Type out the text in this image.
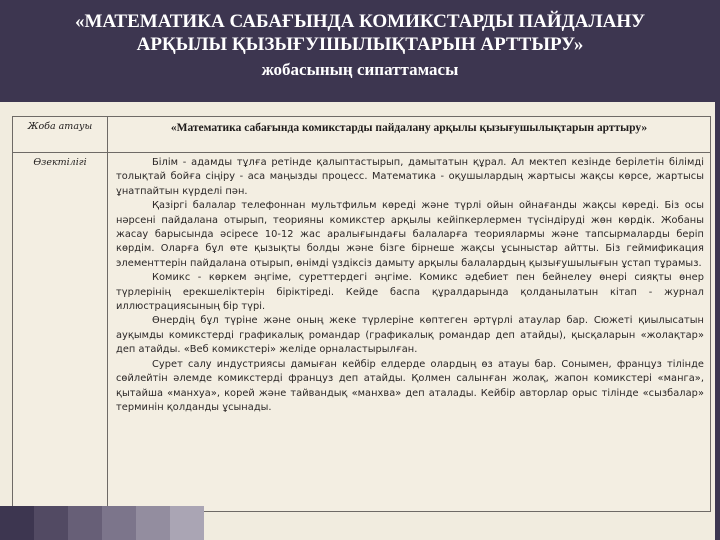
«МАТЕМАТИКА САБАҒЫНДА КОМИКСТАРДЫ ПАЙДАЛАНУ
АРҚЫЛЫ ҚЫЗЫҒУШЫЛЫҚТАРЫН АРТТЫРУ»
жобасының сипаттамасы
Жоба атауы	«Математика сабағында комикстарды пайдалану арқылы қызығушылықтарын арттыру»
Өзектілігі	Білім - адамды тұлға ретінде қалыптастырып, дамытатын құрал. Ал мектеп кезінде берілетін білімді толықтай бойға сіңіру - аса маңызды процесс. Математика - оқушылардың жартысы жақсы көрсе, жартысы ұнатпайтын күрделі пән.

Қазіргі балалар телефоннан мультфильм көреді және түрлі ойын ойнағанды жақсы көреді. Біз осы нәрсені пайдалана отырып, теорияны комикстер арқылы кейіпкерлермен түсіндіруді жөн көрдік. Жобаны жасау барысында әсіресе 10-12 жас аралығындағы балаларға теориялармы және тапсырмаларды беріп көрдім. Оларға бұл өте қызықты болды және бізге бірнеше жақсы ұсыныстар айтты. Біз геймификация элементтерін пайдалана отырып, өнімді үздіксіз дамыту арқылы балалардың қызығушылығын ұстап тұрамыз.

Комикс - көркем әңгіме, суреттердегі әңгіме. Комикс әдебиет пен бейнелеу өнері сияқты өнер түрлерінің ерекшеліктерін біріктіреді. Кейде баспа құралдарында қолданылатын кітап - журнал иллюстрациясының бір түрі.

Өнердің бұл түріне және оның жеке түрлеріне көптеген әртүрлі атаулар бар. Сюжеті қиылысатын ауқымды комикстерді графикалық романдар (графикалық романдар деп атайды), қысқаларын «жолақтар» деп атайды. «Веб комикстері» желіде орналастырылған.

Сурет салу индустриясы дамыған кейбір елдерде олардың өз атауы бар. Сонымен, француз тілінде сөйлейтін әлемде комикстерді француз деп атайды. Қолмен салынған жолақ, жапон комикстері «манга», қытайша «манхуа», корей және тайвандық «манхва» деп аталады. Кейбір авторлар орыс тілінде «сызбалар» терминін қолданды ұсынады.
